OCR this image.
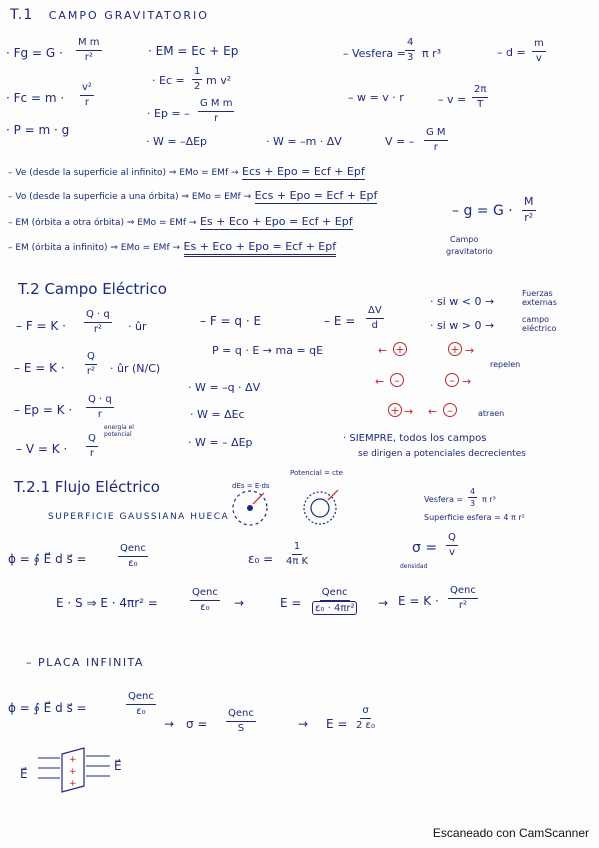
T.1 CAMPO GRAVITATORIO
· $Fg = G \cdot \frac{\text{M m}}{\text{r²}}$	· EM = Ec + Ep	– Vesfera = $\frac{4}{3}$ π r³	– $d = \frac{m}{v}$
· $Ec = \frac{1}{2}$ m v²
· $Fc = m \cdot \frac{\text{v²}}{r}$	– w = v · r	– $v = \frac{2\pi}{T}$
· Ep = – $\frac{\text{G M m}}{r}$
· P = m · g
· W = –ΔEp	· W = –m · ΔV	V = – $\frac{\text{G M}}{r}$
– Ve (desde la superficie al infinito) ⇒ EMo = EMf → Ecs + Epo = Ecf + Epf
– Vo (desde la superficie a una órbita) ⇒ EMo = EMf → Ecs + Epo = Ecf + Epf
– EM (órbita a otra órbita) ⇒ EMo = EMf → Es + Eco + Epo = Ecf + Epf
– EM (órbita a infinito) ⇒ EMo = EMf → Es + Eco + Epo = Ecf + Epf
– $g = G \cdot \frac{M}{\text{r²}}$
Campo
gravitatorio
T.2 Campo Eléctrico
– $F = K \cdot \frac{Q \cdot q}{\text{r²}}$ · ûr	– F = q · E	– $E = \frac{\Delta V}{d}$
· si w < 0 →
Fuerzas externas
· si w > 0 →	campo eléctrico
– $E = K \cdot \frac{Q}{\text{r²}}$ · ûr (N/C)
P = q · E → ma = qE	← +	+ →
← –	– →
repelen
+ → ← –	atraen
· W = –q · ΔV
– $Ep = K \cdot \frac{Q \cdot q}{r}$	· W = ΔEc
– $V = K \cdot \frac{Q}{r}$
energía el potencial
· W = – ΔEp	· SIEMPRE, todos los campos
se dirigen a potenciales decrecientes
T.2.1 Flujo Eléctrico
SUPERFICIE GAUSSIANA HUECA
dEs = E·ds
Potencial = cte
Vesfera = $\frac{4}{3}$ π r³
Superficie esfera = 4 π r²
ϕ = ∮ E⃗ d s⃗ =
Qenc
ε₀	$\varepsilon_0 = \frac{1}{\text{4π K}}$	$\sigma = \frac{Q}{v}$
densidad
E · S ⇒ E · 4πr² =
Qenc
ε₀ →	E =
Qenc
ε₀ · 4πr² → E = K ·
Qenc
r²
– PLACA INFINITA
ϕ = ∮ E⃗ d s⃗ =
Qenc
ε₀
→ σ =
Qenc
S	→ $E = \frac{\sigma}{\text{2 ε₀}}$
+
+
+
E⃗
E⃗
Escaneado con CamScanner
